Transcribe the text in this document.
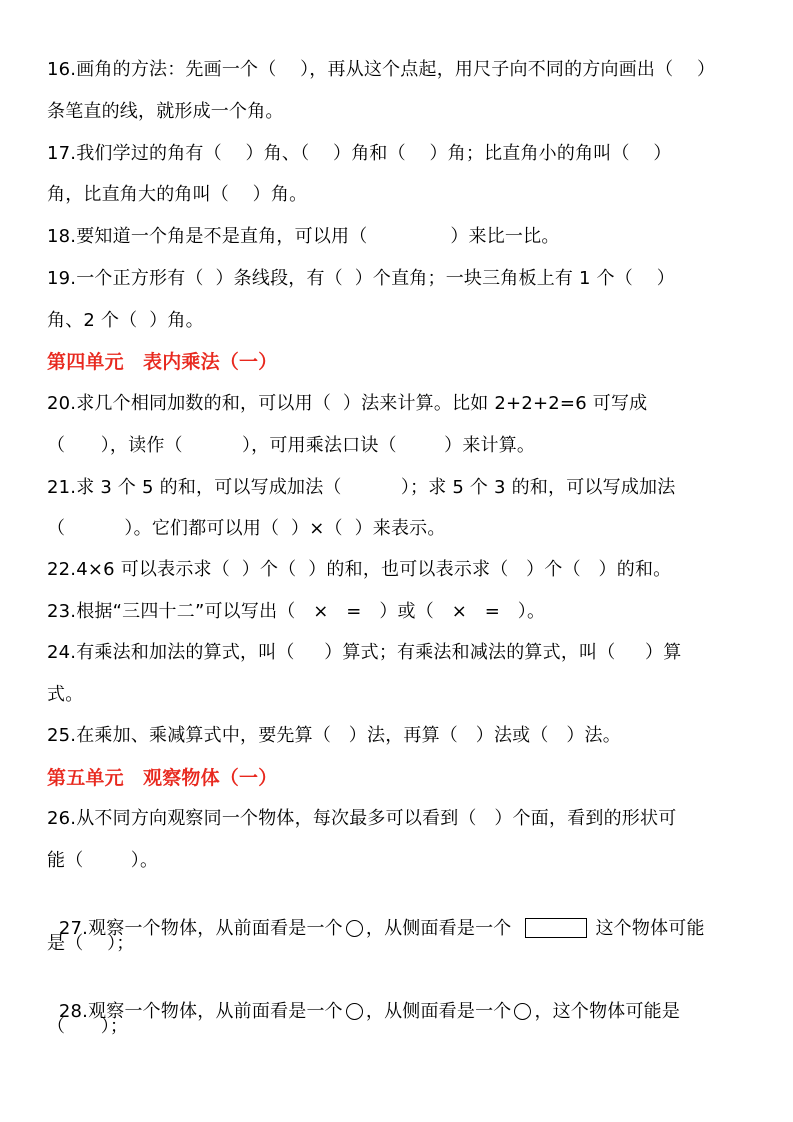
16.画角的方法：先画一个（    ），再从这个点起，用尺子向不同的方向画出（    ）
条笔直的线，就形成一个角。
17.我们学过的角有（    ）角、（    ）角和（    ）角；比直角小的角叫（    ）
角，比直角大的角叫（    ）角。
18.要知道一个角是不是直角，可以用（              ）来比一比。
19.一个正方形有（  ）条线段，有（  ）个直角；一块三角板上有 1 个（    ）
角、2 个（  ）角。
第四单元　表内乘法（一）
20.求几个相同加数的和，可以用（  ）法来计算。比如 2+2+2=6 可写成
（      ），读作（          ），可用乘法口诀（        ）来计算。
21.求 3 个 5 的和，可以写成加法（          ）；求 5 个 3 的和，可以写成加法
（          ）。它们都可以用（  ）×（  ）来表示。
22.4×6 可以表示求（  ）个（  ）的和，也可以表示求（   ）个（   ）的和。
23.根据“三四十二”可以写出（   ×   =   ）或（   ×   =   ）。
24.有乘法和加法的算式，叫（     ）算式；有乘法和减法的算式，叫（     ）算
式。
25.在乘加、乘减算式中，要先算（   ）法，再算（   ）法或（   ）法。
第五单元　观察物体（一）
26.从不同方向观察同一个物体，每次最多可以看到（   ）个面，看到的形状可
能（        ）。

27.观察一个物体，从前面看是一个 ，从侧面看是一个	这个物体可能

是（    ）；

28.观察一个物体，从前面看是一个 ，从侧面看是一个 ，这个物体可能是

（      ）；
